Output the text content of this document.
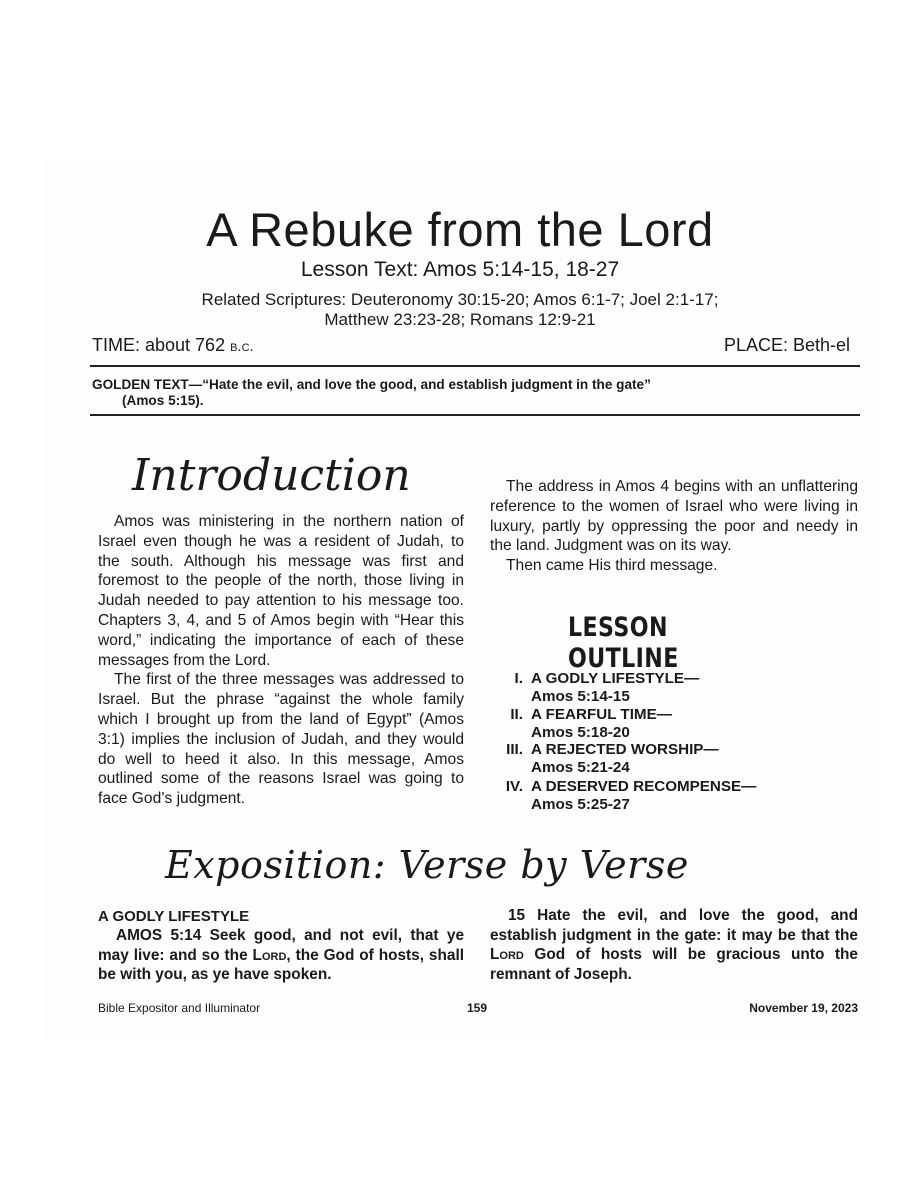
A Rebuke from the Lord
Lesson Text: Amos 5:14-15, 18-27
Related Scriptures: Deuteronomy 30:15-20; Amos 6:1-7; Joel 2:1-17;
Matthew 23:23-28; Romans 12:9-21
TIME: about 762 b.c.	PLACE: Beth-el
GOLDEN TEXT—“Hate the evil, and love the good, and establish judgment in the gate”
(Amos 5:15).
Introduction

Amos was ministering in the northern nation of Israel even though he was a resident of Judah, to the south. Although his message was first and foremost to the people of the north, those living in Judah needed to pay attention to his message too. Chapters 3, 4, and 5 of Amos begin with “Hear this word,” indicating the importance of each of these messages from the Lord.

The first of the three messages was addressed to Israel. But the phrase “against the whole family which I brought up from the land of Egypt” (Amos 3:1) implies the inclusion of Judah, and they would do well to heed it also. In this message, Amos outlined some of the reasons Israel was going to face God’s judgment.

The address in Amos 4 begins with an unflattering reference to the women of Israel who were living in luxury, partly by oppressing the poor and needy in the land. Judgment was on its way.

Then came His third message.

LESSON OUTLINE
I. A GODLY LIFESTYLE—
Amos 5:14-15
II. A FEARFUL TIME—
Amos 5:18-20
III. A REJECTED WORSHIP—
Amos 5:21-24
IV. A DESERVED RECOMPENSE—
Amos 5:25-27
Exposition: Verse by Verse
A GODLY LIFESTYLE
AMOS 5:14 Seek good, and not evil, that ye may live: and so the Lord, the God of hosts, shall be with you, as ye have spoken.
15 Hate the evil, and love the good, and establish judgment in the gate: it may be that the Lord God of hosts will be gracious unto the remnant of Joseph.
Bible Expositor and Illuminator	159	November 19, 2023
